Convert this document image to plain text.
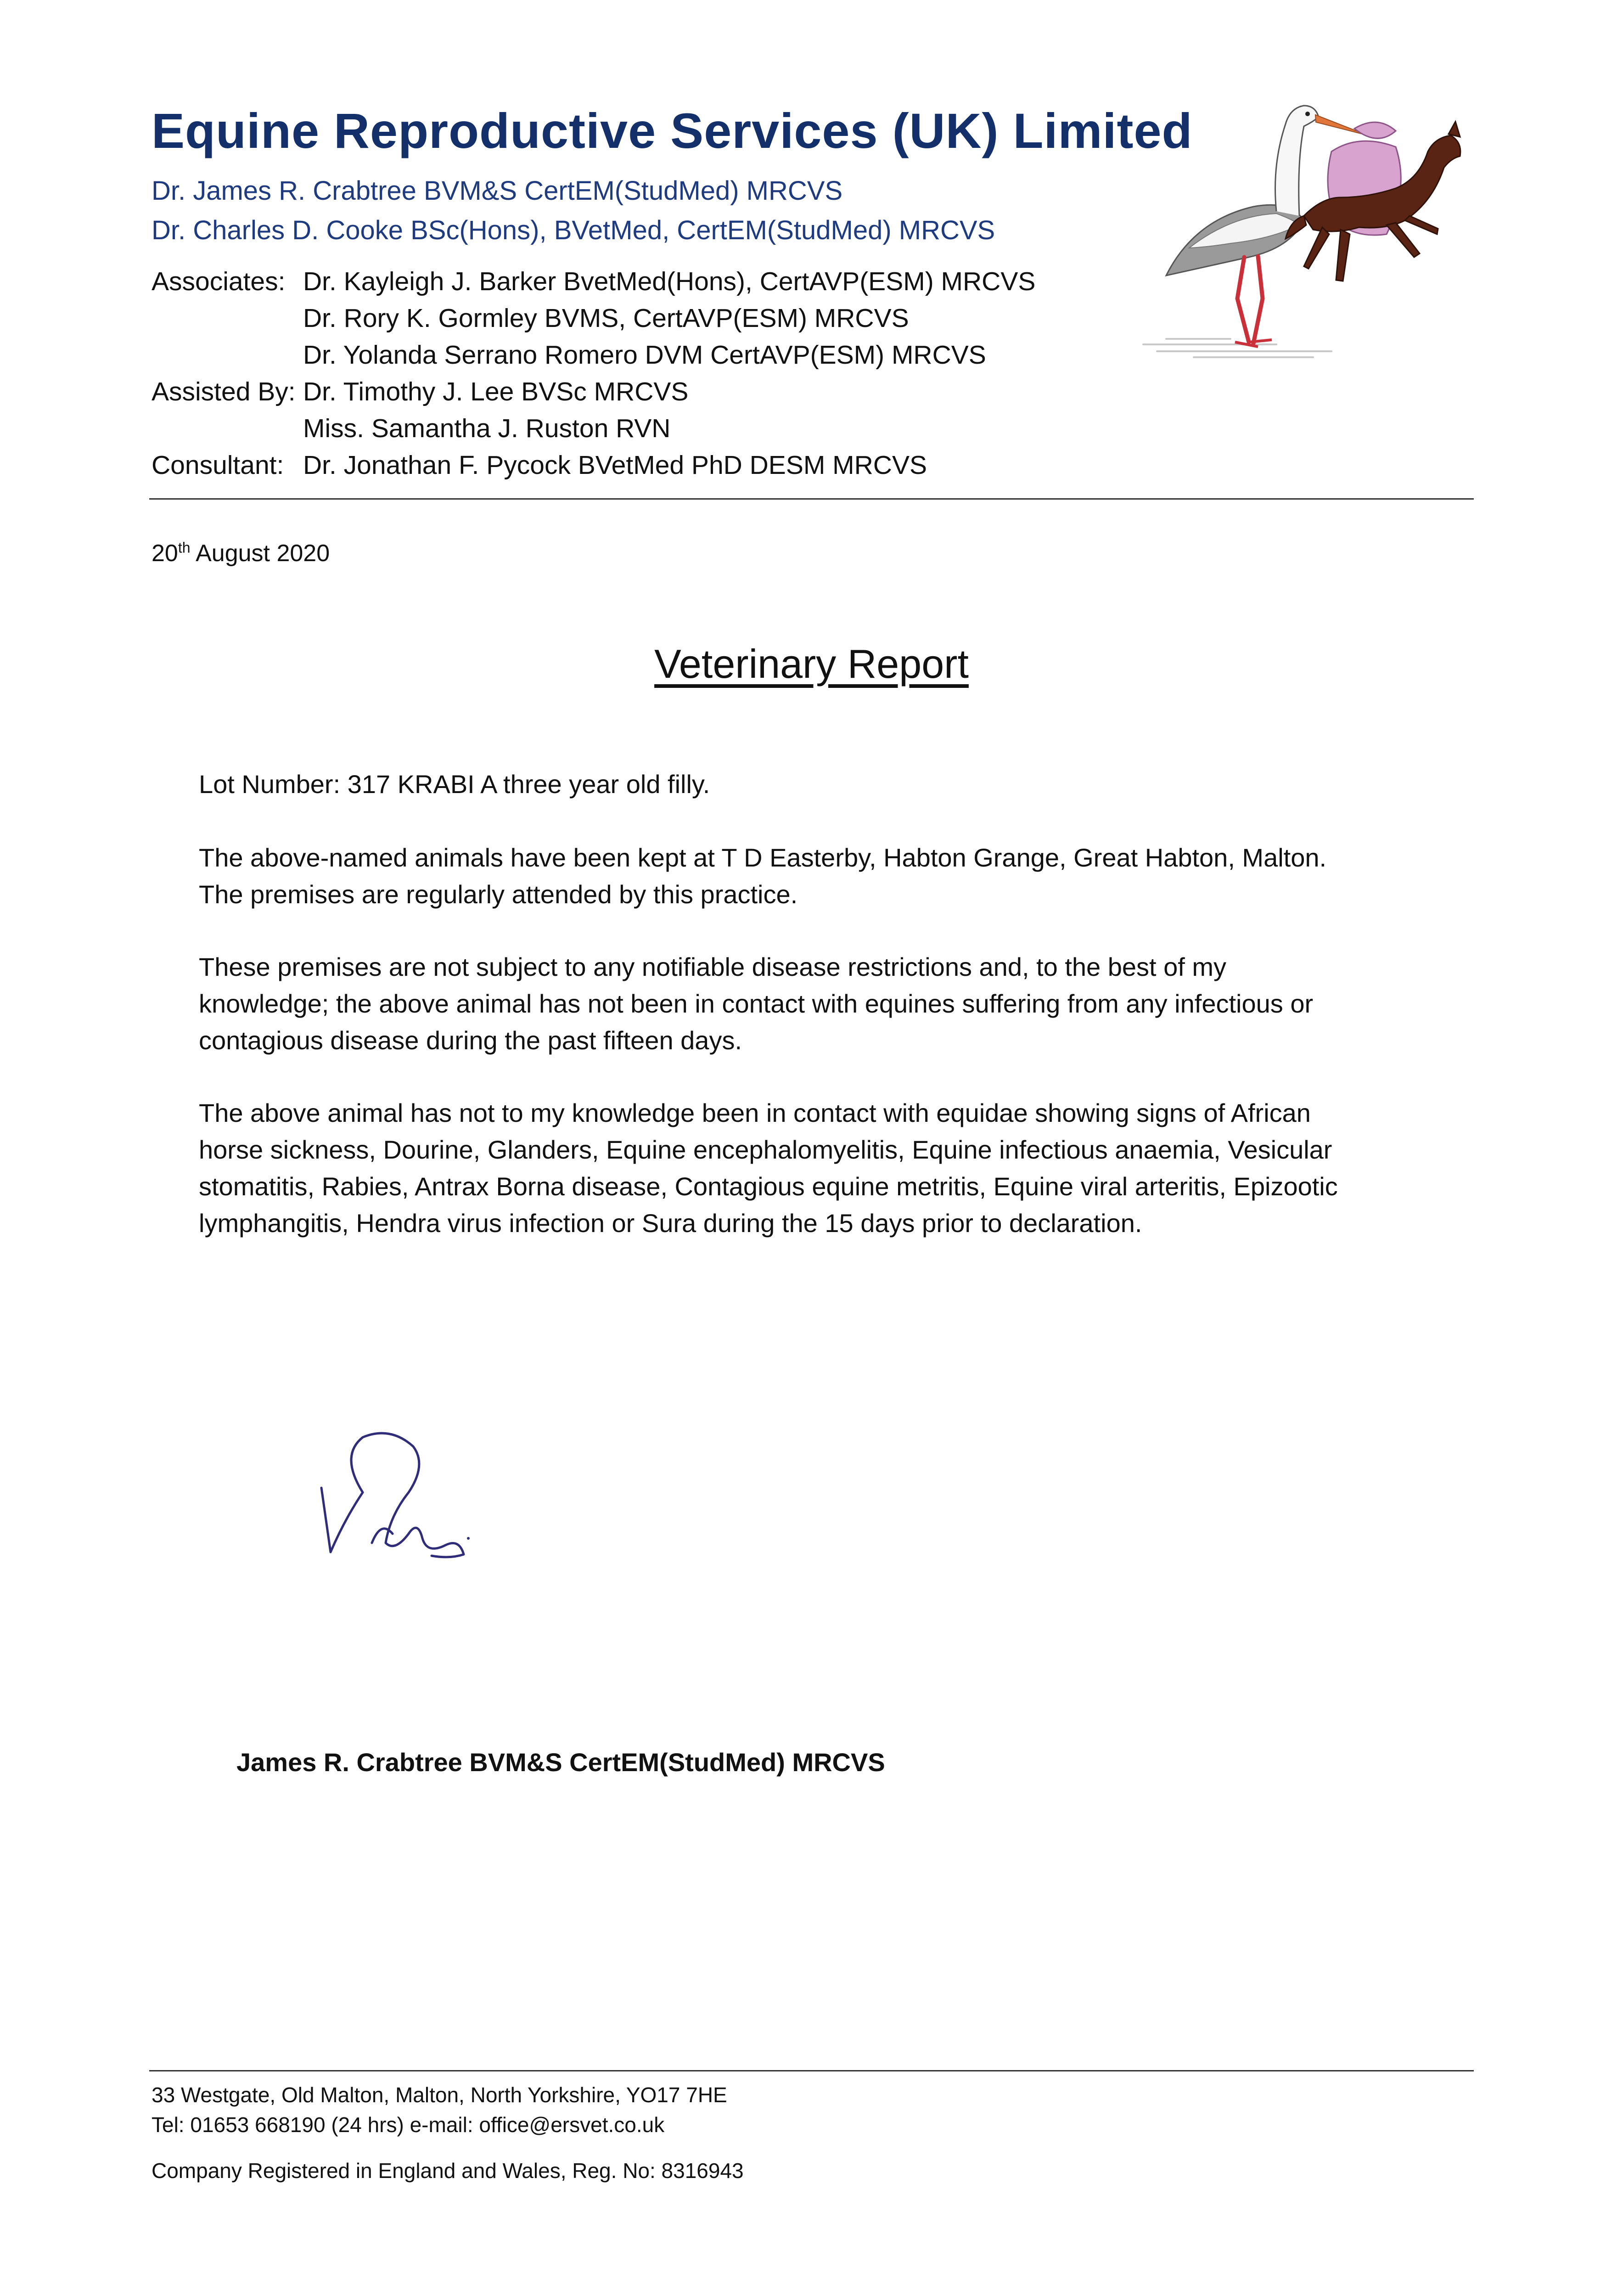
Equine Reproductive Services (UK) Limited
Dr. James R. Crabtree BVM&S CertEM(StudMed) MRCVS
Dr. Charles D. Cooke BSc(Hons), BVetMed, CertEM(StudMed) MRCVS
Associates: Dr. Kayleigh J. Barker BvetMed(Hons), CertAVP(ESM) MRCVS
Dr. Rory K. Gormley BVMS, CertAVP(ESM) MRCVS
Dr. Yolanda Serrano Romero DVM CertAVP(ESM) MRCVS
Assisted By: Dr. Timothy J. Lee BVSc MRCVS
Miss. Samantha J. Ruston RVN
Consultant: Dr. Jonathan F. Pycock BVetMed PhD DESM MRCVS
20th August 2020
Veterinary Report
Lot Number: 317 KRABI A three year old filly.
The above-named animals have been kept at T D Easterby, Habton Grange, Great Habton, Malton.
The premises are regularly attended by this practice.
These premises are not subject to any notifiable disease restrictions and, to the best of my
knowledge; the above animal has not been in contact with equines suffering from any infectious or
contagious disease during the past fifteen days.
The above animal has not to my knowledge been in contact with equidae showing signs of African
horse sickness, Dourine, Glanders, Equine encephalomyelitis, Equine infectious anaemia, Vesicular
stomatitis, Rabies, Antrax Borna disease, Contagious equine metritis, Equine viral arteritis, Epizootic
lymphangitis, Hendra virus infection or Sura during the 15 days prior to declaration.
James R. Crabtree BVM&S CertEM(StudMed) MRCVS
33 Westgate, Old Malton, Malton, North Yorkshire, YO17 7HE
Tel: 01653 668190 (24 hrs) e-mail: office@ersvet.co.uk
Company Registered in England and Wales, Reg. No: 8316943
